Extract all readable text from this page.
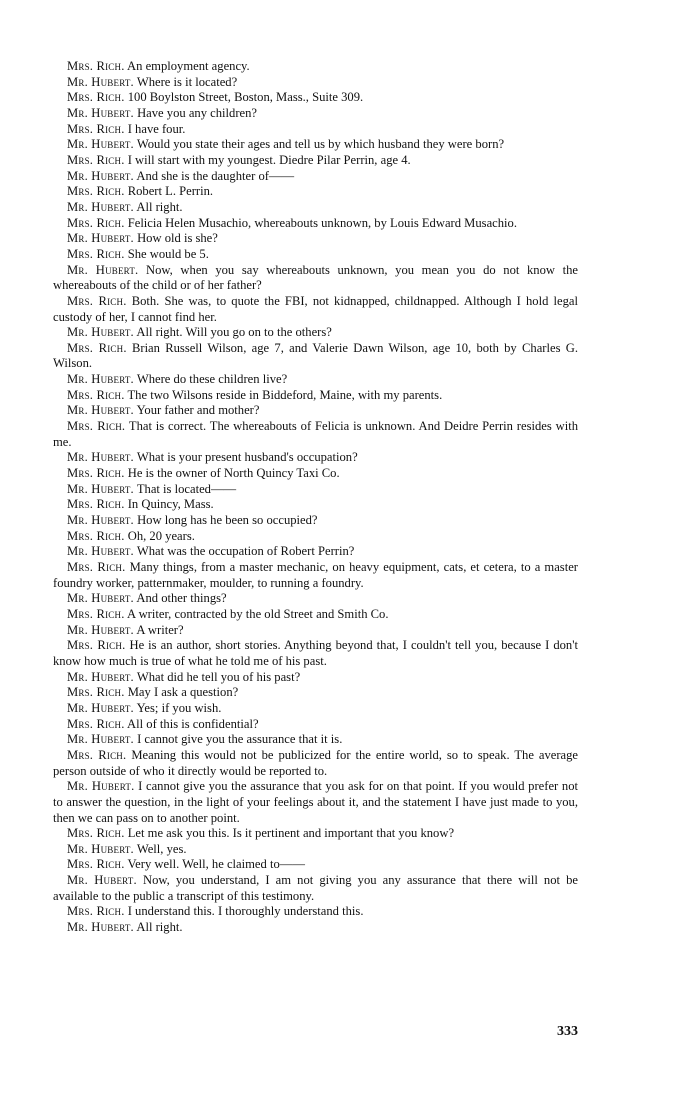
Mrs. Rich. An employment agency.

Mr. Hubert. Where is it located?

Mrs. Rich. 100 Boylston Street, Boston, Mass., Suite 309.

Mr. Hubert. Have you any children?

Mrs. Rich. I have four.

Mr. Hubert. Would you state their ages and tell us by which husband they were born?

Mrs. Rich. I will start with my youngest. Diedre Pilar Perrin, age 4.

Mr. Hubert. And she is the daughter of——

Mrs. Rich. Robert L. Perrin.

Mr. Hubert. All right.

Mrs. Rich. Felicia Helen Musachio, whereabouts unknown, by Louis Edward Musachio.

Mr. Hubert. How old is she?

Mrs. Rich. She would be 5.

Mr. Hubert. Now, when you say whereabouts unknown, you mean you do not know the whereabouts of the child or of her father?

Mrs. Rich. Both. She was, to quote the FBI, not kidnapped, childnapped. Although I hold legal custody of her, I cannot find her.

Mr. Hubert. All right. Will you go on to the others?

Mrs. Rich. Brian Russell Wilson, age 7, and Valerie Dawn Wilson, age 10, both by Charles G. Wilson.

Mr. Hubert. Where do these children live?

Mrs. Rich. The two Wilsons reside in Biddeford, Maine, with my parents.

Mr. Hubert. Your father and mother?

Mrs. Rich. That is correct. The whereabouts of Felicia is unknown. And Deidre Perrin resides with me.

Mr. Hubert. What is your present husband's occupation?

Mrs. Rich. He is the owner of North Quincy Taxi Co.

Mr. Hubert. That is located——

Mrs. Rich. In Quincy, Mass.

Mr. Hubert. How long has he been so occupied?

Mrs. Rich. Oh, 20 years.

Mr. Hubert. What was the occupation of Robert Perrin?

Mrs. Rich. Many things, from a master mechanic, on heavy equipment, cats, et cetera, to a master foundry worker, patternmaker, moulder, to running a foundry.

Mr. Hubert. And other things?

Mrs. Rich. A writer, contracted by the old Street and Smith Co.

Mr. Hubert. A writer?

Mrs. Rich. He is an author, short stories. Anything beyond that, I couldn't tell you, because I don't know how much is true of what he told me of his past.

Mr. Hubert. What did he tell you of his past?

Mrs. Rich. May I ask a question?

Mr. Hubert. Yes; if you wish.

Mrs. Rich. All of this is confidential?

Mr. Hubert. I cannot give you the assurance that it is.

Mrs. Rich. Meaning this would not be publicized for the entire world, so to speak. The average person outside of who it directly would be reported to.

Mr. Hubert. I cannot give you the assurance that you ask for on that point. If you would prefer not to answer the question, in the light of your feelings about it, and the statement I have just made to you, then we can pass on to another point.

Mrs. Rich. Let me ask you this. Is it pertinent and important that you know?

Mr. Hubert. Well, yes.

Mrs. Rich. Very well. Well, he claimed to——

Mr. Hubert. Now, you understand, I am not giving you any assurance that there will not be available to the public a transcript of this testimony.

Mrs. Rich. I understand this. I thoroughly understand this.

Mr. Hubert. All right.

333
